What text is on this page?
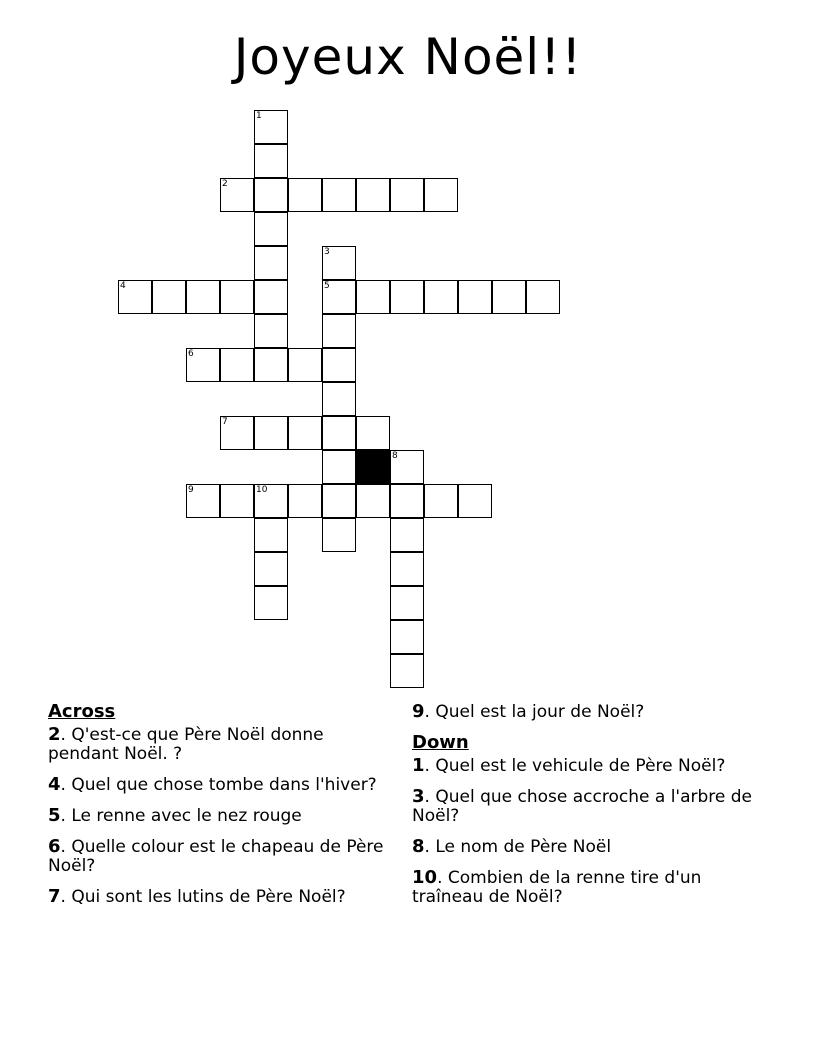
Joyeux Noël!!
1
2
3
4	5
6
7
8
9	10
Across
2. Q'est-ce que Père Noël donne pendant Noël. ?
4. Quel que chose tombe dans l'hiver?
5. Le renne avec le nez rouge
6. Quelle colour est le chapeau de Père Noël?
7. Qui sont les lutins de Père Noël?
9. Quel est la jour de Noël?
Down
1. Quel est le vehicule de Père Noël?
3. Quel que chose accroche a l'arbre de Noël?
8. Le nom de Père Noël
10. Combien de la renne tire d'un traîneau de Noël?
